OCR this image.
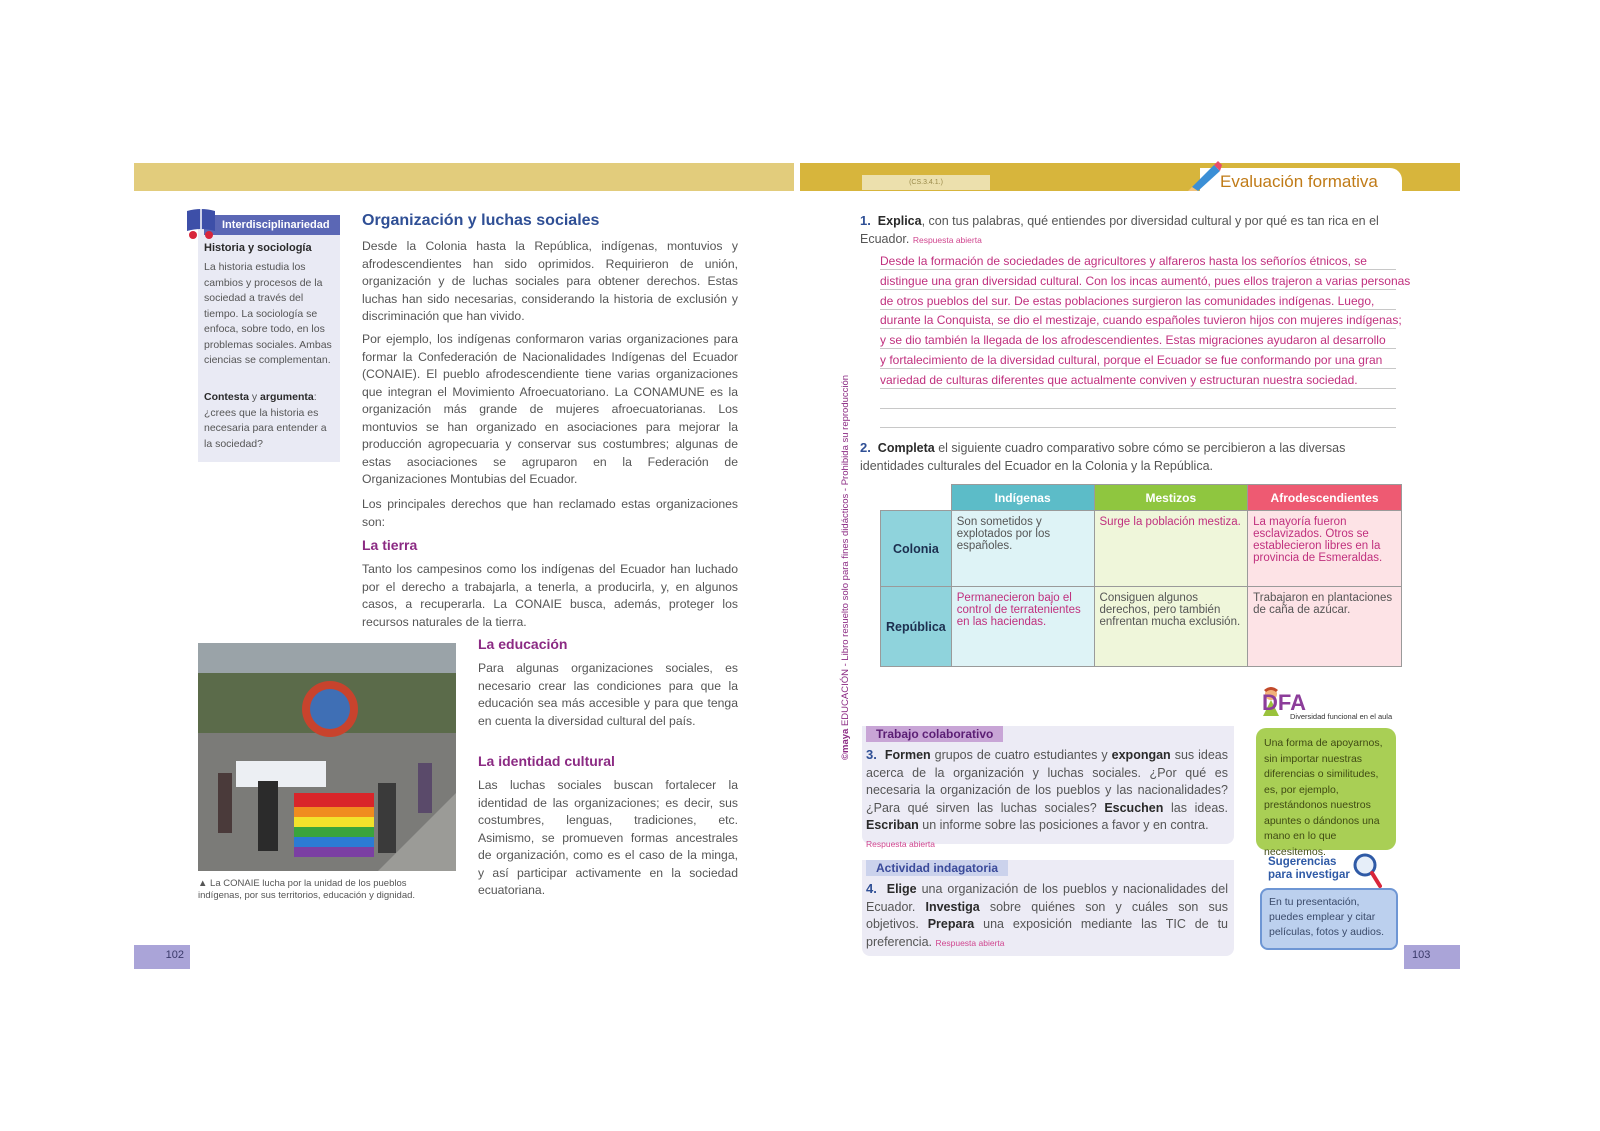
(CS.3.4.1.)	Evaluación formativa
Interdisciplinariedad
Historia y sociología
La historia estudia los cambios y procesos de la sociedad a través del tiempo. La sociología se enfoca, sobre todo, en los problemas sociales. Ambas ciencias se complementan.
Contesta y argumenta: ¿crees que la historia es necesaria para entender a la sociedad?
Organización y luchas sociales
Desde la Colonia hasta la República, indígenas, montuvios y afrodescendientes han sido oprimidos. Requirieron de unión, organización y de luchas sociales para obtener derechos. Estas luchas han sido necesarias, considerando la historia de exclusión y discriminación que han vivido.
Por ejemplo, los indígenas conformaron varias organizaciones para formar la Confederación de Nacionalidades Indígenas del Ecuador (CONAIE). El pueblo afrodescendiente tiene varias organizaciones que integran el Movimiento Afroecuatoriano. La CONAMUNE es la organización más grande de mujeres afroecuatorianas. Los montuvios se han organizado en asociaciones para mejorar la producción agropecuaria y conservar sus costumbres; algunas de estas asociaciones se agruparon en la Federación de Organizaciones Montubias del Ecuador.
Los principales derechos que han reclamado estas organizaciones son:
La tierra
Tanto los campesinos como los indígenas del Ecuador han luchado por el derecho a trabajarla, a tenerla, a producirla, y, en algunos casos, a recuperarla. La CONAIE busca, además, proteger los recursos naturales de la tierra.
▲ La CONAIE lucha por la unidad de los pueblos indígenas, por sus territorios, educación y dignidad.
La educación
Para algunas organizaciones sociales, es necesario crear las condiciones para que la educación sea más accesible y para que tenga en cuenta la diversidad cultural del país.
La identidad cultural
Las luchas sociales buscan fortalecer la identidad de las organizaciones; es decir, sus costumbres, lenguas, tradiciones, etc. Asimismo, se promueven formas ancestrales de organización, como es el caso de la minga, y así participar activamente en la sociedad ecuatoriana.
102
©maya EDUCACIÓN - Libro resuelto solo para fines didácticos - Prohibida su reproducción
1. Explica, con tus palabras, qué entiendes por diversidad cultural y por qué es tan rica en el Ecuador. Respuesta abierta
Desde la formación de sociedades de agricultores y alfareros hasta los señoríos étnicos, se
distingue una gran diversidad cultural. Con los incas aumentó, pues ellos trajeron a varias personas
de otros pueblos del sur. De estas poblaciones surgieron las comunidades indígenas. Luego,
durante la Conquista, se dio el mestizaje, cuando españoles tuvieron hijos con mujeres indígenas;
y se dio también la llegada de los afrodescendientes. Estas migraciones ayudaron al desarrollo
y fortalecimiento de la diversidad cultural, porque el Ecuador se fue conformando por una gran
variedad de culturas diferentes que actualmente conviven y estructuran nuestra sociedad.
2. Completa el siguiente cuadro comparativo sobre cómo se percibieron a las diversas identidades culturales del Ecuador en la Colonia y la República.
	Indígenas	Mestizos	Afrodescendientes
Colonia	Son sometidos y explotados por los españoles.	Surge la población mestiza.	La mayoría fueron esclavizados. Otros se establecieron libres en la provincia de Esmeraldas.
República	Permanecieron bajo el control de terratenientes en las haciendas.	Consiguen algunos derechos, pero también enfrentan mucha exclusión.	Trabajaron en plantaciones de caña de azúcar.
Trabajo colaborativo
3. Formen grupos de cuatro estudiantes y expongan sus ideas acerca de la organización y luchas sociales. ¿Por qué es necesaria la organización de los pueblos y las nacionalidades? ¿Para qué sirven las luchas sociales? Escuchen las ideas. Escriban un informe sobre las posiciones a favor y en contra.
Respuesta abierta
Actividad indagatoria
4. Elige una organización de los pueblos y nacionalidades del Ecuador. Investiga sobre quiénes son y cuáles son sus objetivos. Prepara una exposición mediante las TIC de tu preferencia. Respuesta abierta
DFA
Diversidad funcional en el aula
Una forma de apoyarnos, sin importar nuestras diferencias o similitudes, es, por ejemplo, prestándonos nuestros apuntes o dándonos una mano en lo que necesitemos.
Sugerencias
para investigar
En tu presentación, puedes emplear y citar películas, fotos y audios.
103
